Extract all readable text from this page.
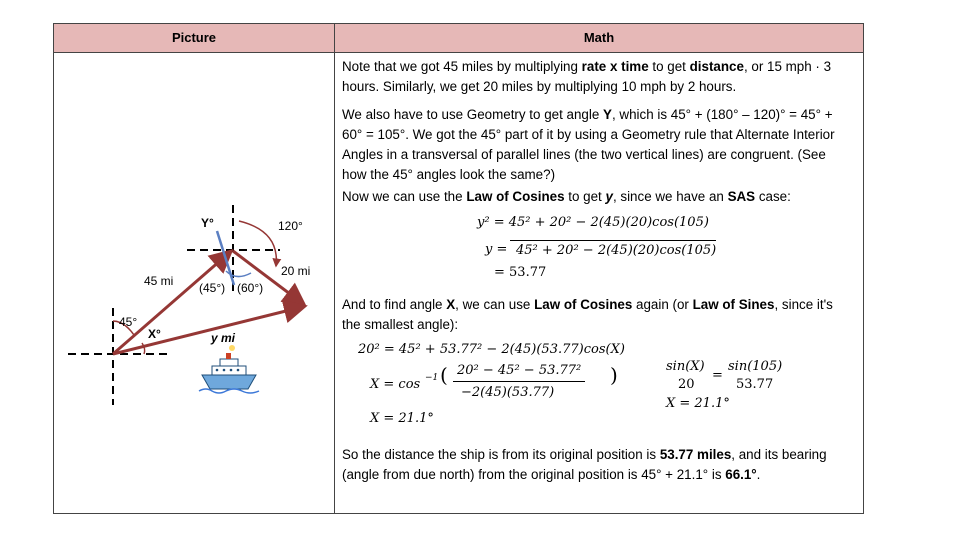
Picture	Math
Y°	120°
20 mi
45 mi (45°) (60°)
45°
X°	y mi

Note that we got 45 miles by multiplying rate x time to get distance, or 15 mph · 3 hours. Similarly, we get 20 miles by multiplying 10 mph by 2 hours.

We also have to use Geometry to get angle Y, which is 45° + (180° – 120)° = 45° + 60° = 105°. We got the 45° part of it by using a Geometry rule that Alternate Interior Angles in a transversal of parallel lines (the two vertical lines) are congruent. (See how the 45° angles look the same?)

Now we can use the Law of Cosines to get y, since we have an SAS case:

y² = 45² + 20² − 2(45)(20)cos(105)
y = 45² + 20² − 2(45)(20)cos(105)
= 53.77

And to find angle X, we can use Law of Cosines again (or Law of Sines, since it's the smallest angle):

20² = 45² + 53.77² − 2(45)(53.77)cos(X)
X = cos −1 ( 20² − 45² − 53.77²
−2(45)(53.77)
)
X = 21.1°
sin(X)
20
=
sin(105)
53.77
X = 21.1°

So the distance the ship is from its original position is 53.77 miles, and its bearing (angle from due north) from the original position is 45° + 21.1° is 66.1°.
